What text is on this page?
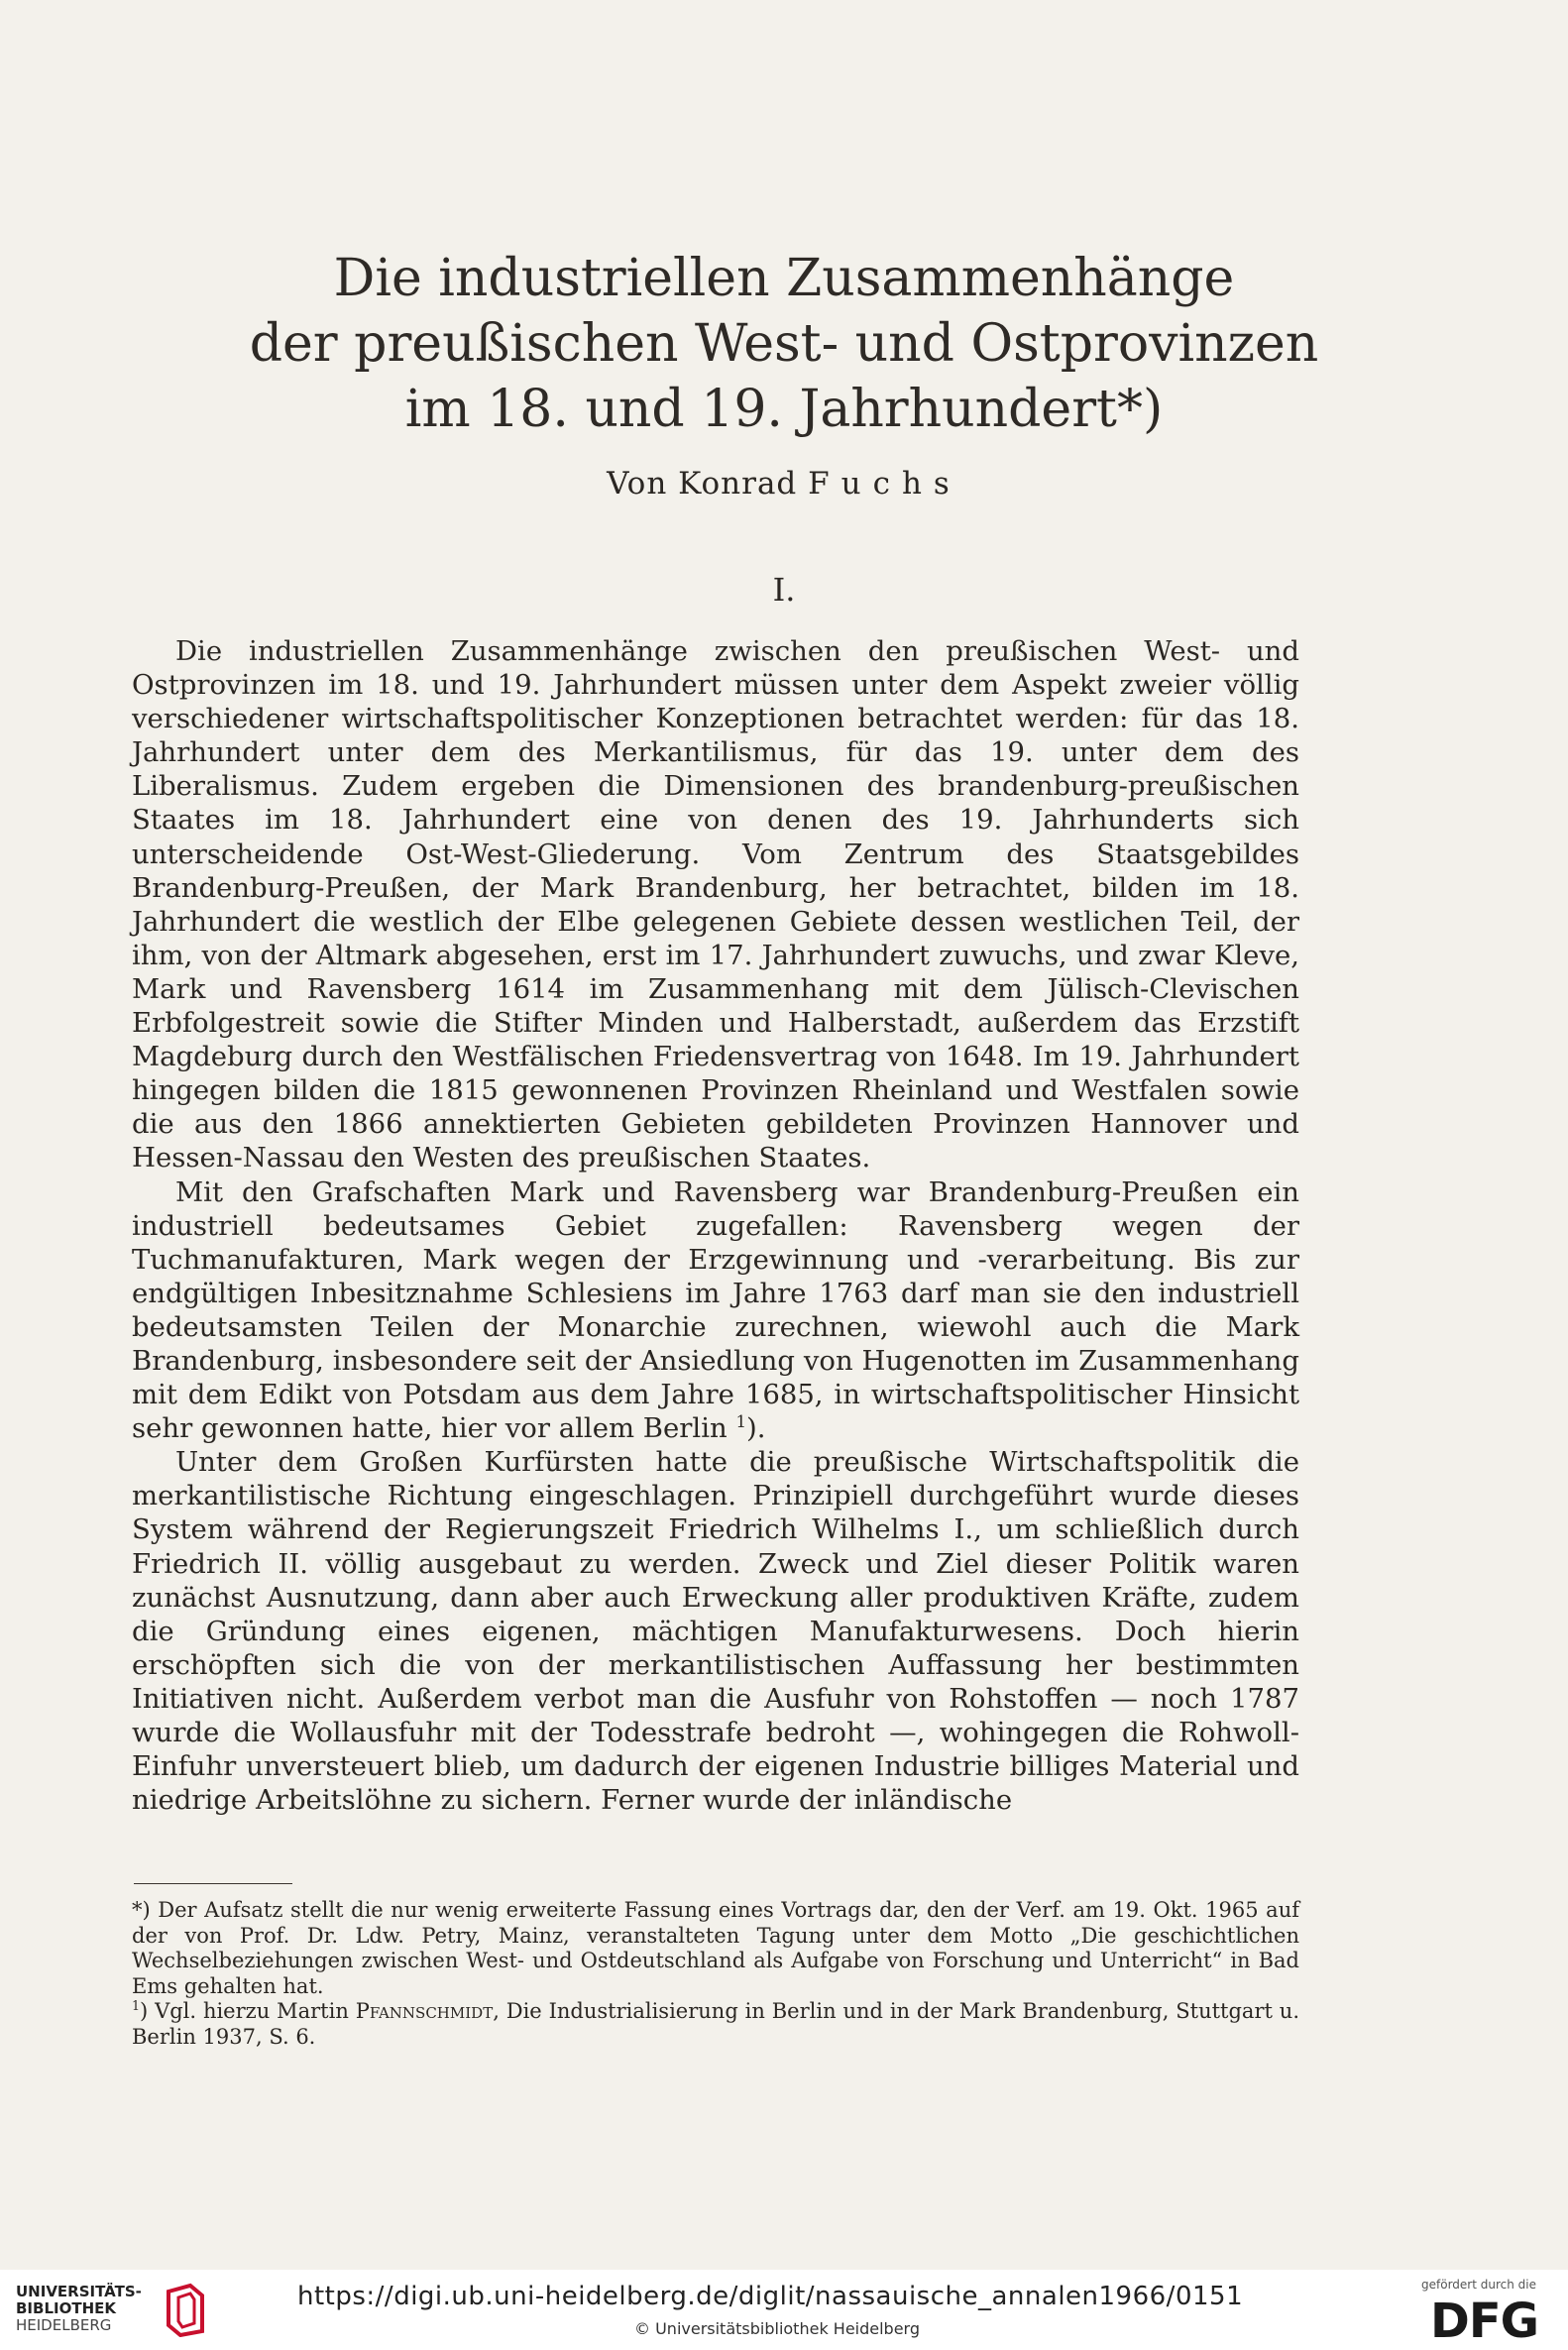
Die industriellen Zusammenhänge
der preußischen West- und Ostprovinzen
im 18. und 19. Jahrhundert*)
Von Konrad Fuchs
I.

Die industriellen Zusammenhänge zwischen den preußischen West- und Ostprovinzen im 18. und 19. Jahrhundert müssen unter dem Aspekt zweier völlig verschiedener wirtschaftspolitischer Konzeptionen betrachtet werden: für das 18. Jahrhundert unter dem des Merkantilismus, für das 19. unter dem des Liberalismus. Zudem ergeben die Dimensionen des brandenburg-preußischen Staates im 18. Jahrhundert eine von denen des 19. Jahrhunderts sich unterscheidende Ost-West-Gliederung. Vom Zentrum des Staatsgebildes Brandenburg-Preußen, der Mark Brandenburg, her betrachtet, bilden im 18. Jahrhundert die westlich der Elbe gelegenen Gebiete dessen westlichen Teil, der ihm, von der Altmark abgesehen, erst im 17. Jahrhundert zuwuchs, und zwar Kleve, Mark und Ravensberg 1614 im Zusammenhang mit dem Jülisch-Clevischen Erbfolgestreit sowie die Stifter Minden und Halberstadt, außerdem das Erzstift Magdeburg durch den Westfälischen Friedensvertrag von 1648. Im 19. Jahrhundert hingegen bilden die 1815 gewonnenen Provinzen Rheinland und Westfalen sowie die aus den 1866 annektierten Gebieten gebildeten Provinzen Hannover und Hessen-Nassau den Westen des preußischen Staates.

Mit den Grafschaften Mark und Ravensberg war Brandenburg-Preußen ein industriell bedeutsames Gebiet zugefallen: Ravensberg wegen der Tuchmanufakturen, Mark wegen der Erzgewinnung und -verarbeitung. Bis zur endgültigen Inbesitznahme Schlesiens im Jahre 1763 darf man sie den industriell bedeutsamsten Teilen der Monarchie zurechnen, wiewohl auch die Mark Brandenburg, insbesondere seit der Ansiedlung von Hugenotten im Zusammenhang mit dem Edikt von Potsdam aus dem Jahre 1685, in wirtschaftspolitischer Hinsicht sehr gewonnen hatte, hier vor allem Berlin $^1$).

Unter dem Großen Kurfürsten hatte die preußische Wirtschaftspolitik die merkantilistische Richtung eingeschlagen. Prinzipiell durchgeführt wurde dieses System während der Regierungszeit Friedrich Wilhelms I., um schließlich durch Friedrich II. völlig ausgebaut zu werden. Zweck und Ziel dieser Politik waren zunächst Ausnutzung, dann aber auch Erweckung aller produktiven Kräfte, zudem die Gründung eines eigenen, mächtigen Manufakturwesens. Doch hierin erschöpften sich die von der merkantilistischen Auffassung her bestimmten Initiativen nicht. Außerdem verbot man die Ausfuhr von Rohstoffen — noch 1787 wurde die Wollausfuhr mit der Todesstrafe bedroht —, wohingegen die Rohwoll-Einfuhr unversteuert blieb, um dadurch der eigenen Industrie billiges Material und niedrige Arbeitslöhne zu sichern. Ferner wurde der inländische

*) Der Aufsatz stellt die nur wenig erweiterte Fassung eines Vortrags dar, den der Verf. am 19. Okt. 1965 auf der von Prof. Dr. Ldw. Petry, Mainz, veranstalteten Tagung unter dem Motto „Die geschichtlichen Wechselbeziehungen zwischen West- und Ostdeutschland als Aufgabe von Forschung und Unterricht“ in Bad Ems gehalten hat.

$^1$) Vgl. hierzu Martin Pfannschmidt, Die Industrialisierung in Berlin und in der Mark Brandenburg, Stuttgart u. Berlin 1937, S. 6.

UNIVERSITÄTS-
BIBLIOTHEK
HEIDELBERG
https://digi.ub.uni-heidelberg.de/diglit/nassauische_annalen1966/0151
© Universitätsbibliothek Heidelberg
gefördert durch die
DFG
